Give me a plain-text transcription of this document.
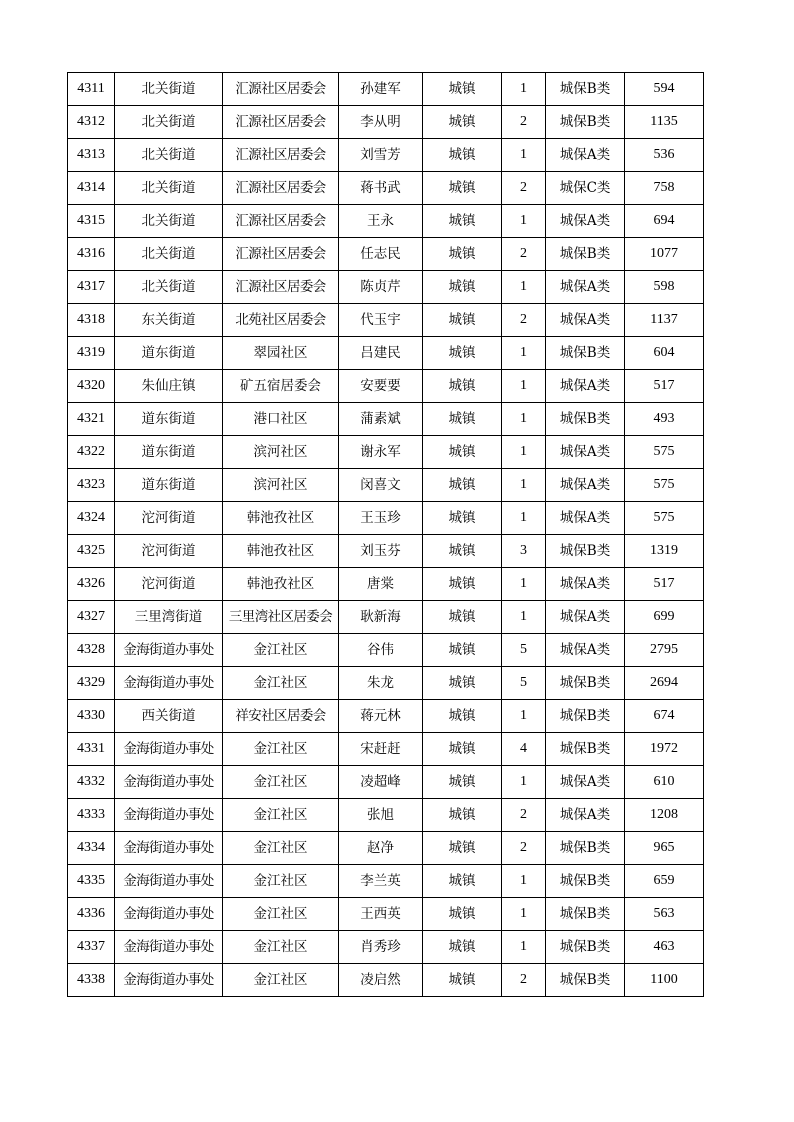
4311	北关街道	汇源社区居委会	孙建军	城镇	1	城保B类	594
4312	北关街道	汇源社区居委会	李从明	城镇	2	城保B类	1135
4313	北关街道	汇源社区居委会	刘雪芳	城镇	1	城保A类	536
4314	北关街道	汇源社区居委会	蒋书武	城镇	2	城保C类	758
4315	北关街道	汇源社区居委会	王永	城镇	1	城保A类	694
4316	北关街道	汇源社区居委会	任志民	城镇	2	城保B类	1077
4317	北关街道	汇源社区居委会	陈贞芹	城镇	1	城保A类	598
4318	东关街道	北苑社区居委会	代玉宇	城镇	2	城保A类	1137
4319	道东街道	翠园社区	吕建民	城镇	1	城保B类	604
4320	朱仙庄镇	矿五宿居委会	安要要	城镇	1	城保A类	517
4321	道东街道	港口社区	蒲素斌	城镇	1	城保B类	493
4322	道东街道	滨河社区	谢永军	城镇	1	城保A类	575
4323	道东街道	滨河社区	闵喜文	城镇	1	城保A类	575
4324	沱河街道	韩池孜社区	王玉珍	城镇	1	城保A类	575
4325	沱河街道	韩池孜社区	刘玉芬	城镇	3	城保B类	1319
4326	沱河街道	韩池孜社区	唐棠	城镇	1	城保A类	517
4327	三里湾街道	三里湾社区居委会	耿新海	城镇	1	城保A类	699
4328	金海街道办事处	金江社区	谷伟	城镇	5	城保A类	2795
4329	金海街道办事处	金江社区	朱龙	城镇	5	城保B类	2694
4330	西关街道	祥安社区居委会	蒋元林	城镇	1	城保B类	674
4331	金海街道办事处	金江社区	宋赶赶	城镇	4	城保B类	1972
4332	金海街道办事处	金江社区	凌超峰	城镇	1	城保A类	610
4333	金海街道办事处	金江社区	张旭	城镇	2	城保A类	1208
4334	金海街道办事处	金江社区	赵净	城镇	2	城保B类	965
4335	金海街道办事处	金江社区	李兰英	城镇	1	城保B类	659
4336	金海街道办事处	金江社区	王西英	城镇	1	城保B类	563
4337	金海街道办事处	金江社区	肖秀珍	城镇	1	城保B类	463
4338	金海街道办事处	金江社区	凌启然	城镇	2	城保B类	1100
